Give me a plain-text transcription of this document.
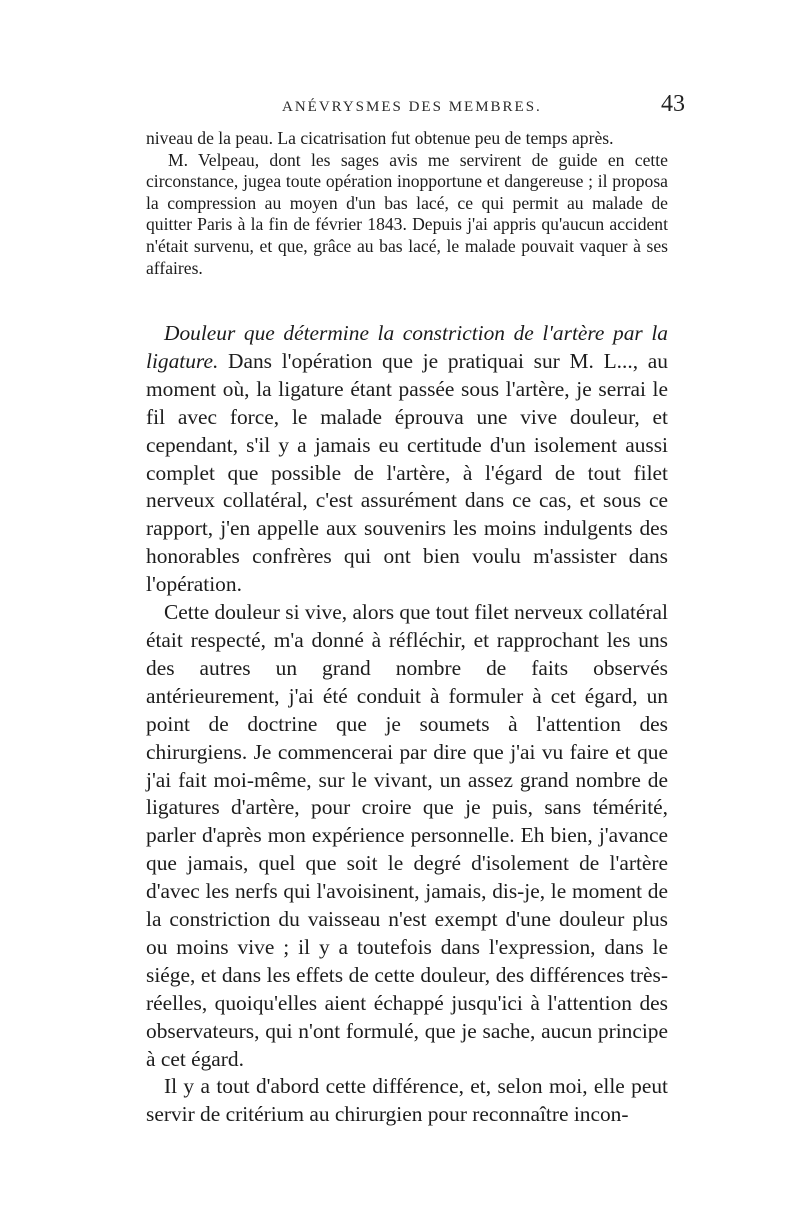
ANÉVRYSMES DES MEMBRES.	43

niveau de la peau. La cicatrisation fut obtenue peu de temps après.

M. Velpeau, dont les sages avis me servirent de guide en cette circonstance, jugea toute opération inopportune et dangereuse ; il proposa la compression au moyen d'un bas lacé, ce qui permit au malade de quitter Paris à la fin de février 1843. Depuis j'ai appris qu'aucun accident n'était survenu, et que, grâce au bas lacé, le malade pouvait vaquer à ses affaires.

Douleur que détermine la constriction de l'artère par la ligature. Dans l'opération que je pratiquai sur M. L..., au moment où, la ligature étant passée sous l'artère, je serrai le fil avec force, le malade éprouva une vive douleur, et cependant, s'il y a jamais eu certitude d'un isolement aussi complet que possible de l'artère, à l'égard de tout filet nerveux collatéral, c'est assurément dans ce cas, et sous ce rapport, j'en appelle aux souvenirs les moins indulgents des honorables confrères qui ont bien voulu m'assister dans l'opération.

Cette douleur si vive, alors que tout filet nerveux collatéral était respecté, m'a donné à réfléchir, et rapprochant les uns des autres un grand nombre de faits observés antérieurement, j'ai été conduit à formuler à cet égard, un point de doctrine que je soumets à l'attention des chirurgiens. Je commencerai par dire que j'ai vu faire et que j'ai fait moi-même, sur le vivant, un assez grand nombre de ligatures d'artère, pour croire que je puis, sans témérité, parler d'après mon expérience personnelle. Eh bien, j'avance que jamais, quel que soit le degré d'isolement de l'artère d'avec les nerfs qui l'avoisinent, jamais, dis-je, le moment de la constriction du vaisseau n'est exempt d'une douleur plus ou moins vive ; il y a toutefois dans l'expression, dans le siége, et dans les effets de cette douleur, des différences très-réelles, quoiqu'elles aient échappé jusqu'ici à l'attention des observateurs, qui n'ont formulé, que je sache, aucun principe à cet égard.

Il y a tout d'abord cette différence, et, selon moi, elle peut servir de critérium au chirurgien pour reconnaître incon-
